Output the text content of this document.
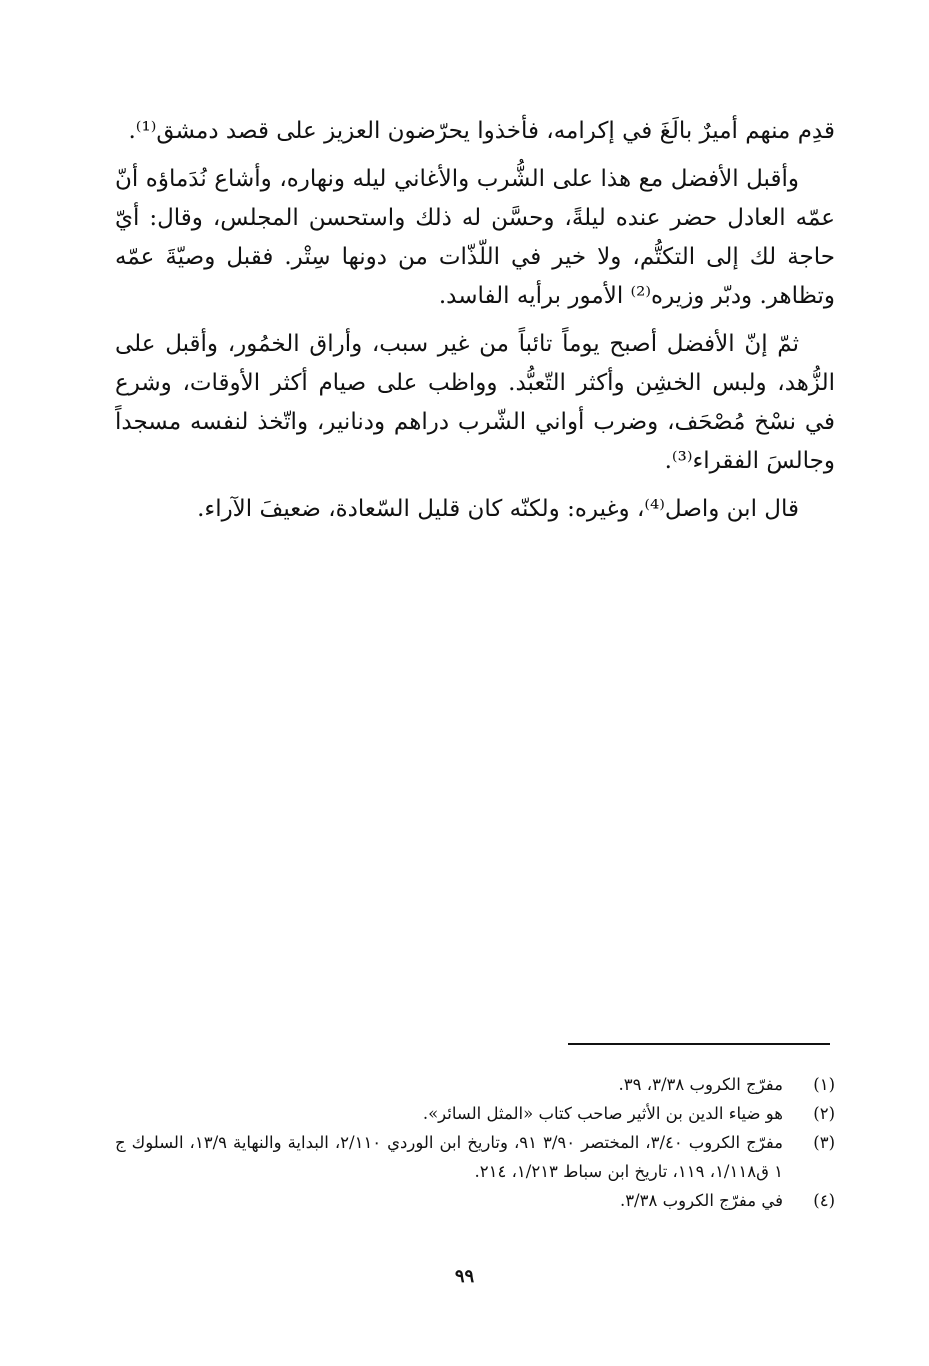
قدِم منهم أميرٌ بالَغَ في إكرامه، فأخذوا يحرّضون العزيز على قصد دمشق⁽¹⁾.

وأقبل الأفضل مع هذا على الشُّرب والأغاني ليله ونهاره، وأشاع نُدَماؤه أنّ عمّه العادل حضر عنده ليلةً، وحسَّن له ذلك واستحسن المجلس، وقال: أيّ حاجة لك إلى التكتُّم، ولا خير في اللّذّات من دونها سِتْر. فقبل وصيّةَ عمّه وتظاهر. ودبّر وزيره⁽²⁾ الأمور برأيه الفاسد.

ثمّ إنّ الأفضل أصبح يوماً تائباً من غير سبب، وأراق الخمُور، وأقبل على الزُّهد، ولبس الخشِن وأكثر التّعبُّد. وواظب على صيام أكثر الأوقات، وشرع في نسْخ مُصْحَف، وضرب أواني الشّرب دراهم ودنانير، واتّخذ لنفسه مسجداً وجالسَ الفقراء⁽³⁾.

قال ابن واصل⁽⁴⁾، وغيره: ولكنّه كان قليل السّعادة، ضعيفَ الآراء.

(١)
مفرّج الكروب ٣/٣٨، ٣٩.
(٢)
هو ضياء الدين بن الأثير صاحب كتاب «المثل السائر».
(٣)
مفرّج الكروب ٣/٤٠، المختصر ٣/٩٠ ٩١، وتاريخ ابن الوردي ٢/١١٠، البداية والنهاية ١٣/٩، السلوك ج ١ ق١/١١٨، ١١٩، تاريخ ابن سباط ١/٢١٣، ٢١٤.
(٤)
في مفرّج الكروب ٣/٣٨.
٩٩
